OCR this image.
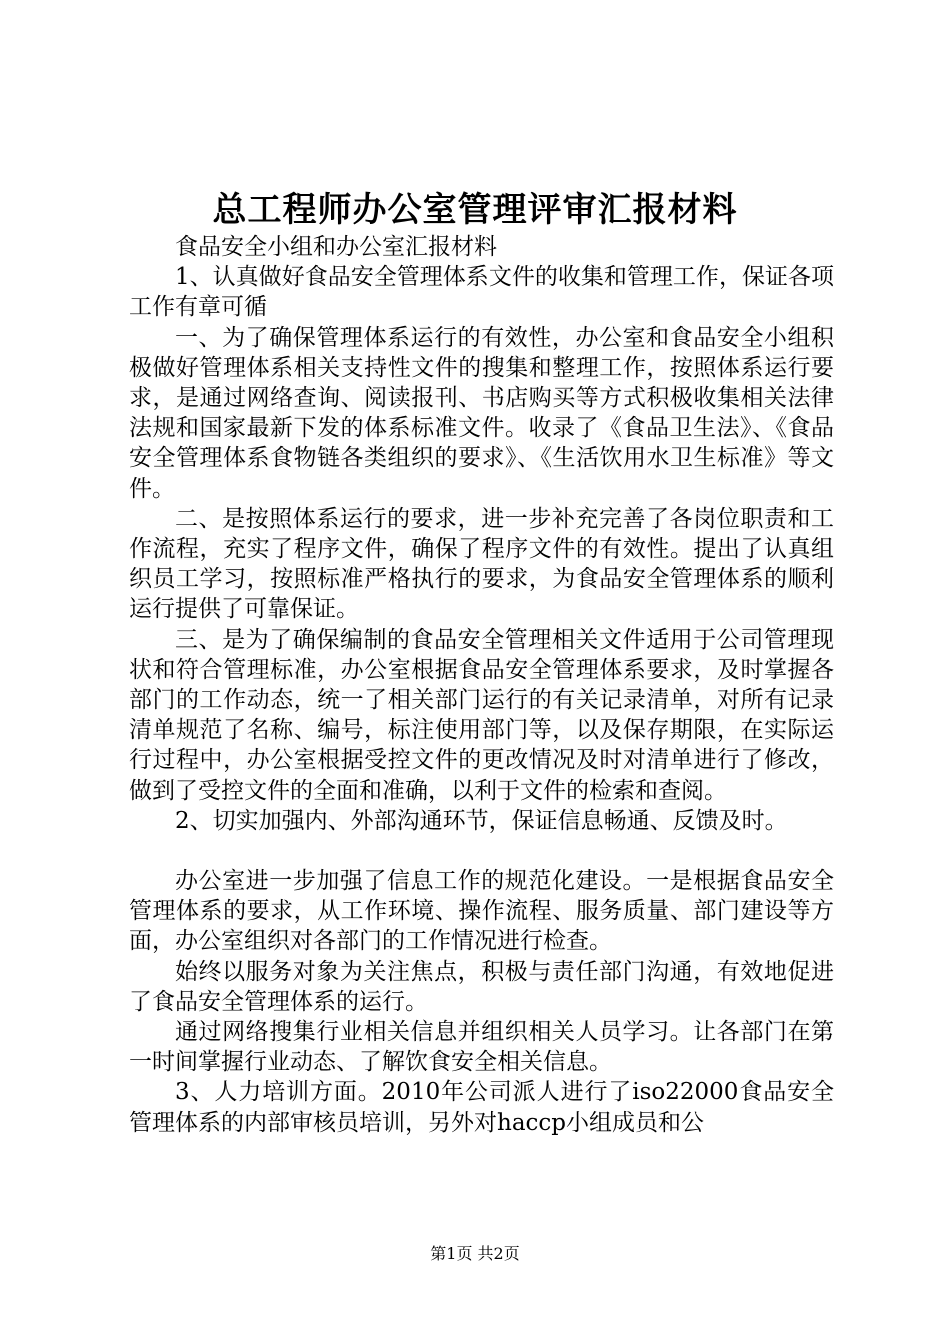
总工程师办公室管理评审汇报材料

食品安全小组和办公室汇报材料

1、认真做好食品安全管理体系文件的收集和管理工作，保证各项工作有章可循

一、为了确保管理体系运行的有效性，办公室和食品安全小组积极做好管理体系相关支持性文件的搜集和整理工作，按照体系运行要求，是通过网络查询、阅读报刊、书店购买等方式积极收集相关法律法规和国家最新下发的体系标准文件。收录了《食品卫生法》、《食品安全管理体系食物链各类组织的要求》、《生活饮用水卫生标准》等文件。

二、是按照体系运行的要求，进一步补充完善了各岗位职责和工作流程，充实了程序文件，确保了程序文件的有效性。提出了认真组织员工学习，按照标准严格执行的要求，为食品安全管理体系的顺利运行提供了可靠保证。

三、是为了确保编制的食品安全管理相关文件适用于公司管理现状和符合管理标准，办公室根据食品安全管理体系要求，及时掌握各部门的工作动态，统一了相关部门运行的有关记录清单，对所有记录清单规范了名称、编号，标注使用部门等，以及保存期限，在实际运行过程中，办公室根据受控文件的更改情况及时对清单进行了修改，做到了受控文件的全面和准确，以利于文件的检索和查阅。

2、切实加强内、外部沟通环节，保证信息畅通、反馈及时。

办公室进一步加强了信息工作的规范化建设。一是根据食品安全管理体系的要求，从工作环境、操作流程、服务质量、部门建设等方面，办公室组织对各部门的工作情况进行检查。

始终以服务对象为关注焦点，积极与责任部门沟通，有效地促进了食品安全管理体系的运行。

通过网络搜集行业相关信息并组织相关人员学习。让各部门在第一时间掌握行业动态、了解饮食安全相关信息。

3、人力培训方面。2010年公司派人进行了iso22000食品安全管理体系的内部审核员培训，另外对haccp小组成员和公

第1页 共2页
